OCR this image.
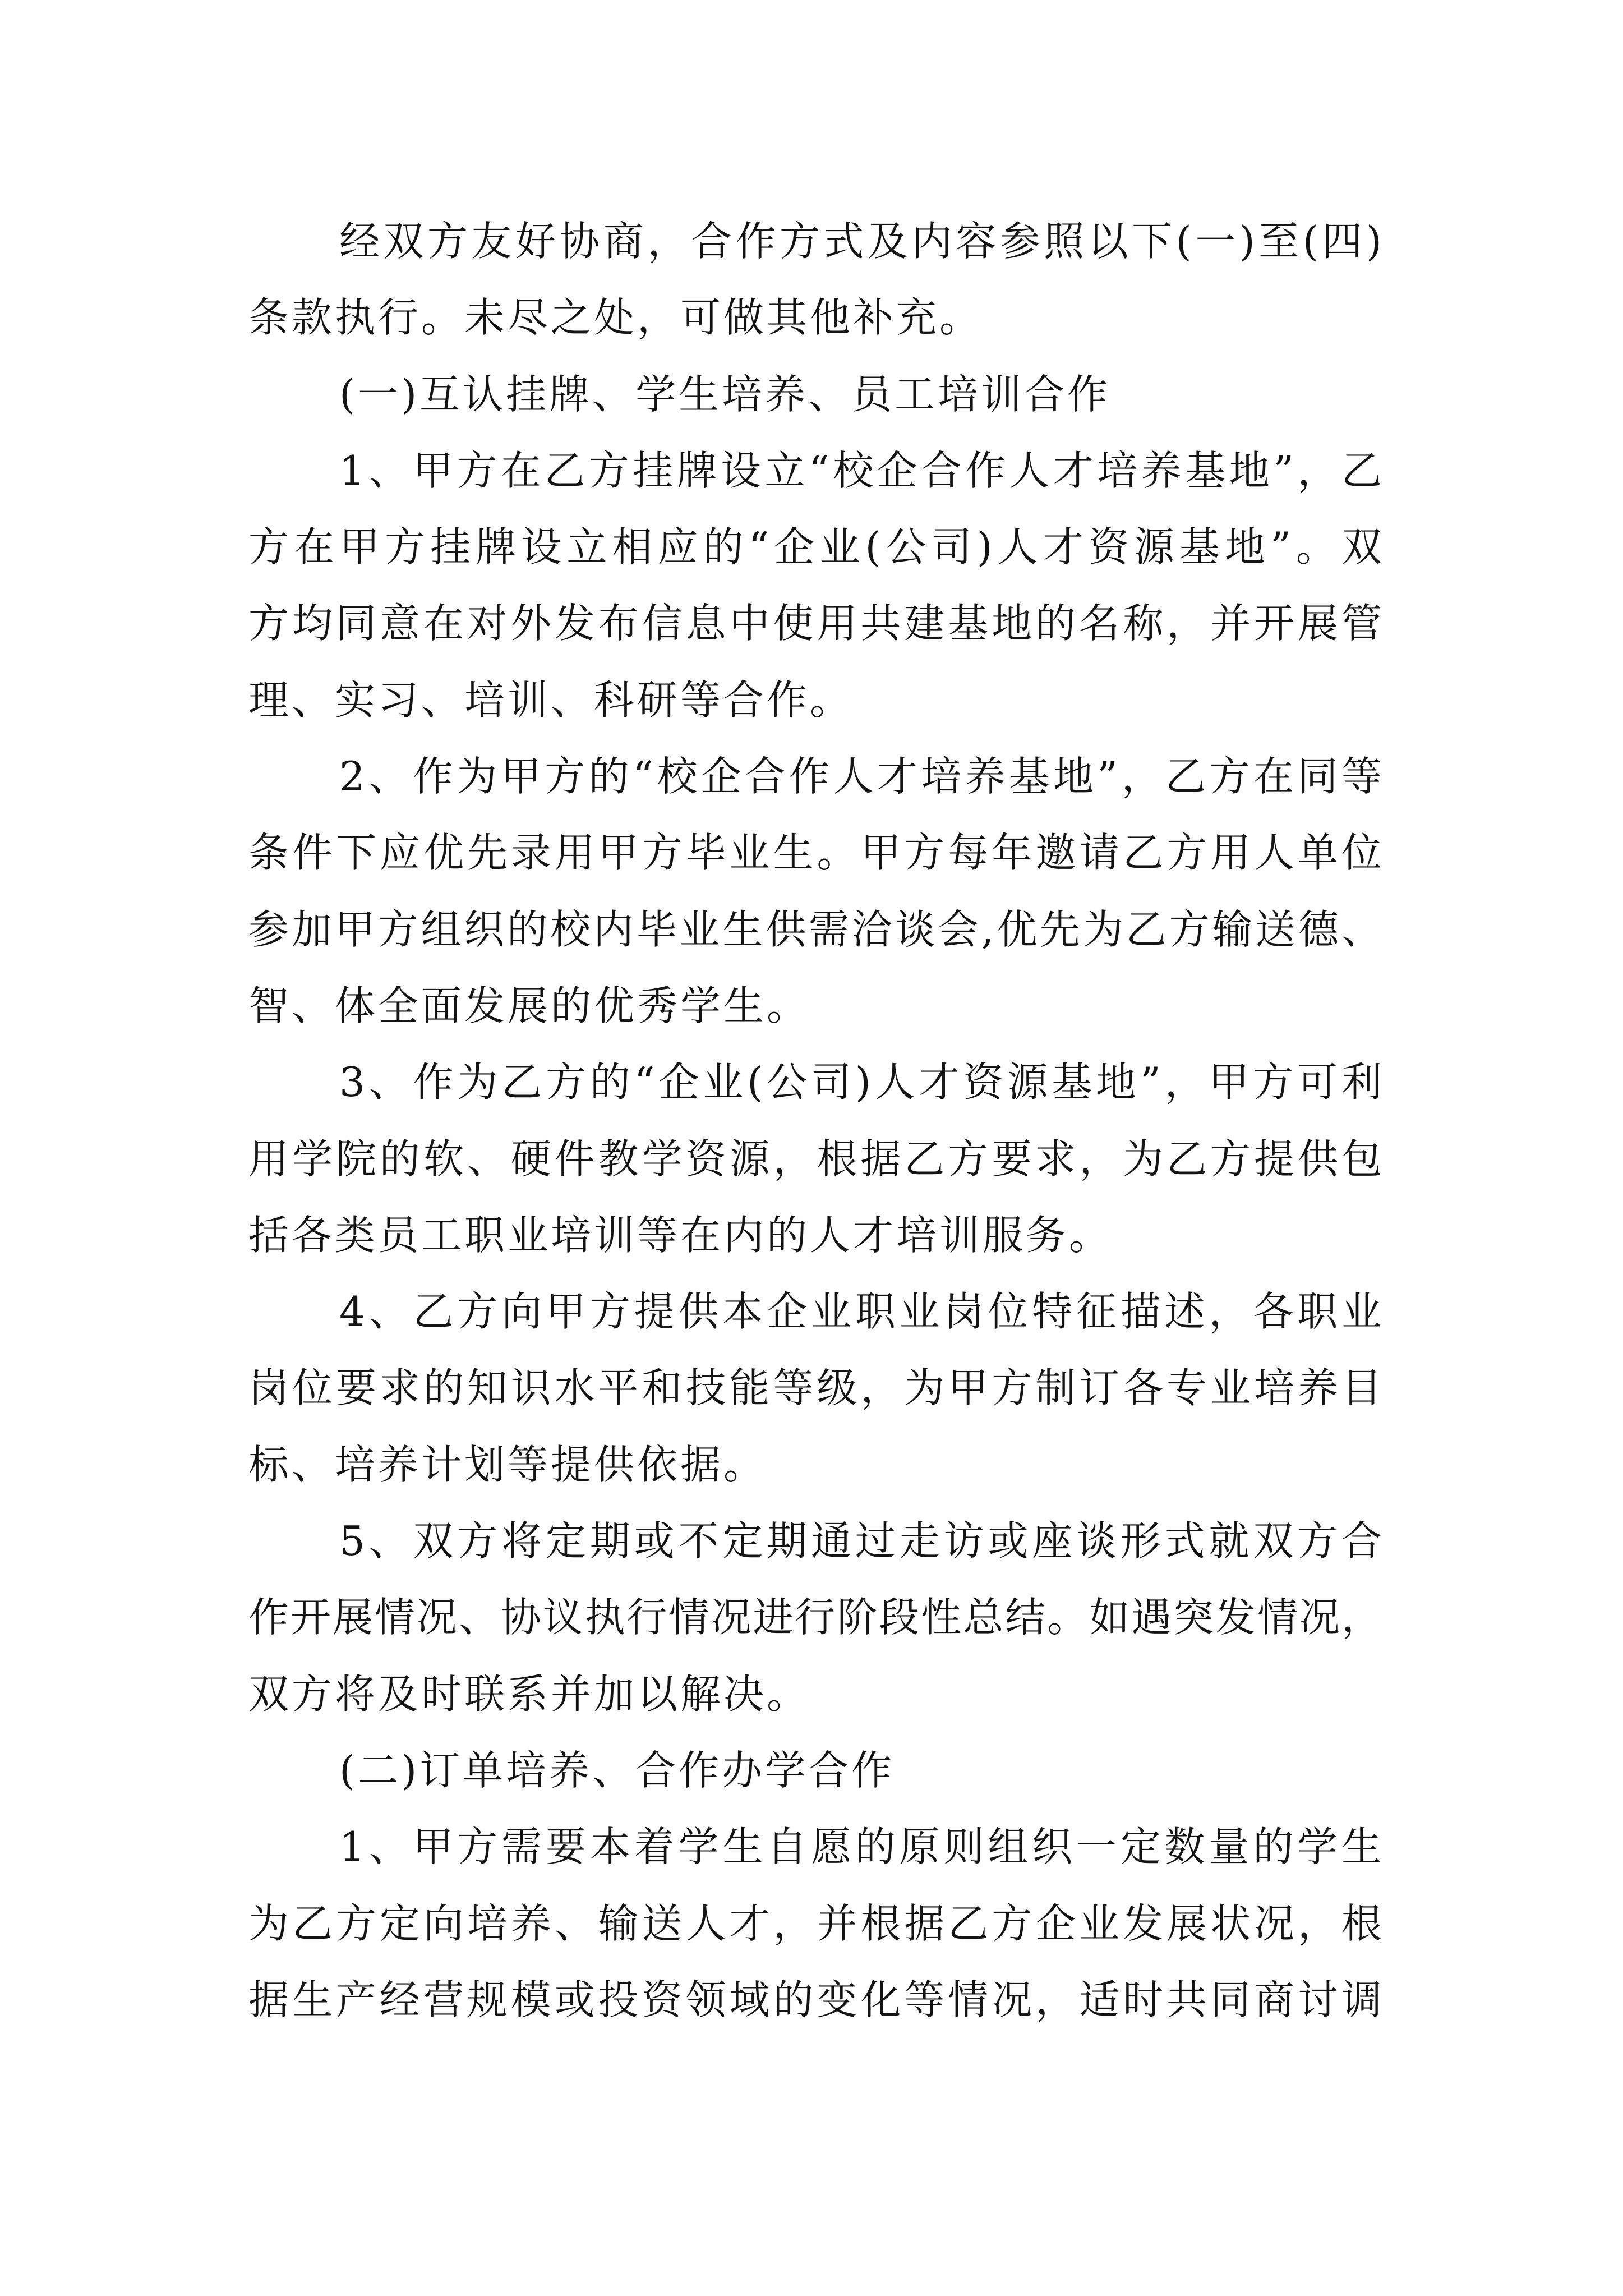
经双方友好协商，合作方式及内容参照以下(一)至(四)
条款执行。未尽之处，可做其他补充。
(一)互认挂牌、学生培养、员工培训合作
1、甲方在乙方挂牌设立“校企合作人才培养基地”，乙
方在甲方挂牌设立相应的“企业(公司)人才资源基地”。双
方均同意在对外发布信息中使用共建基地的名称，并开展管
理、实习、培训、科研等合作。
2、作为甲方的“校企合作人才培养基地”，乙方在同等
条件下应优先录用甲方毕业生。甲方每年邀请乙方用人单位
参加甲方组织的校内毕业生供需洽谈会,优先为乙方输送德、
智、体全面发展的优秀学生。
3、作为乙方的“企业(公司)人才资源基地”，甲方可利
用学院的软、硬件教学资源，根据乙方要求，为乙方提供包
括各类员工职业培训等在内的人才培训服务。
4、乙方向甲方提供本企业职业岗位特征描述，各职业
岗位要求的知识水平和技能等级，为甲方制订各专业培养目
标、培养计划等提供依据。
5、双方将定期或不定期通过走访或座谈形式就双方合
作开展情况、协议执行情况进行阶段性总结。如遇突发情况，
双方将及时联系并加以解决。
(二)订单培养、合作办学合作
1、甲方需要本着学生自愿的原则组织一定数量的学生
为乙方定向培养、输送人才，并根据乙方企业发展状况，根
据生产经营规模或投资领域的变化等情况，适时共同商讨调
